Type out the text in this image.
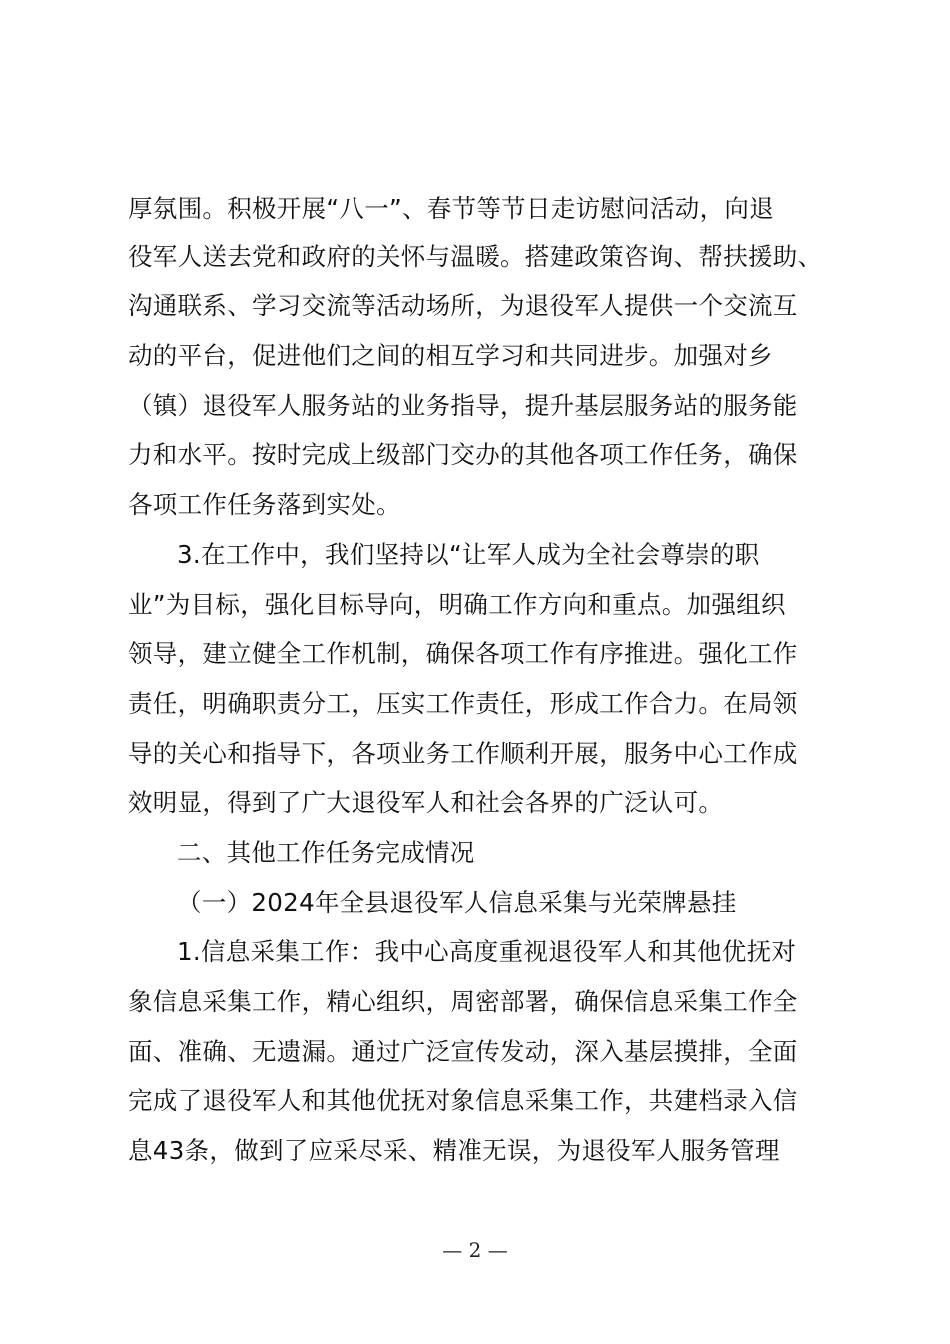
厚氛围。积极开展“八一”、春节等节日走访慰问活动，向退
役军人送去党和政府的关怀与温暖。搭建政策咨询、帮扶援助、
沟通联系、学习交流等活动场所，为退役军人提供一个交流互
动的平台，促进他们之间的相互学习和共同进步。加强对乡
（镇）退役军人服务站的业务指导，提升基层服务站的服务能
力和水平。按时完成上级部门交办的其他各项工作任务，确保
各项工作任务落到实处。
3.在工作中，我们坚持以“让军人成为全社会尊崇的职
业”为目标，强化目标导向，明确工作方向和重点。加强组织
领导，建立健全工作机制，确保各项工作有序推进。强化工作
责任，明确职责分工，压实工作责任，形成工作合力。在局领
导的关心和指导下，各项业务工作顺利开展，服务中心工作成
效明显，得到了广大退役军人和社会各界的广泛认可。
二、其他工作任务完成情况
（一）2024年全县退役军人信息采集与光荣牌悬挂
1.信息采集工作：我中心高度重视退役军人和其他优抚对
象信息采集工作，精心组织，周密部署，确保信息采集工作全
面、准确、无遗漏。通过广泛宣传发动，深入基层摸排，全面
完成了退役军人和其他优抚对象信息采集工作，共建档录入信
息43条，做到了应采尽采、精准无误，为退役军人服务管理
— 2 —
